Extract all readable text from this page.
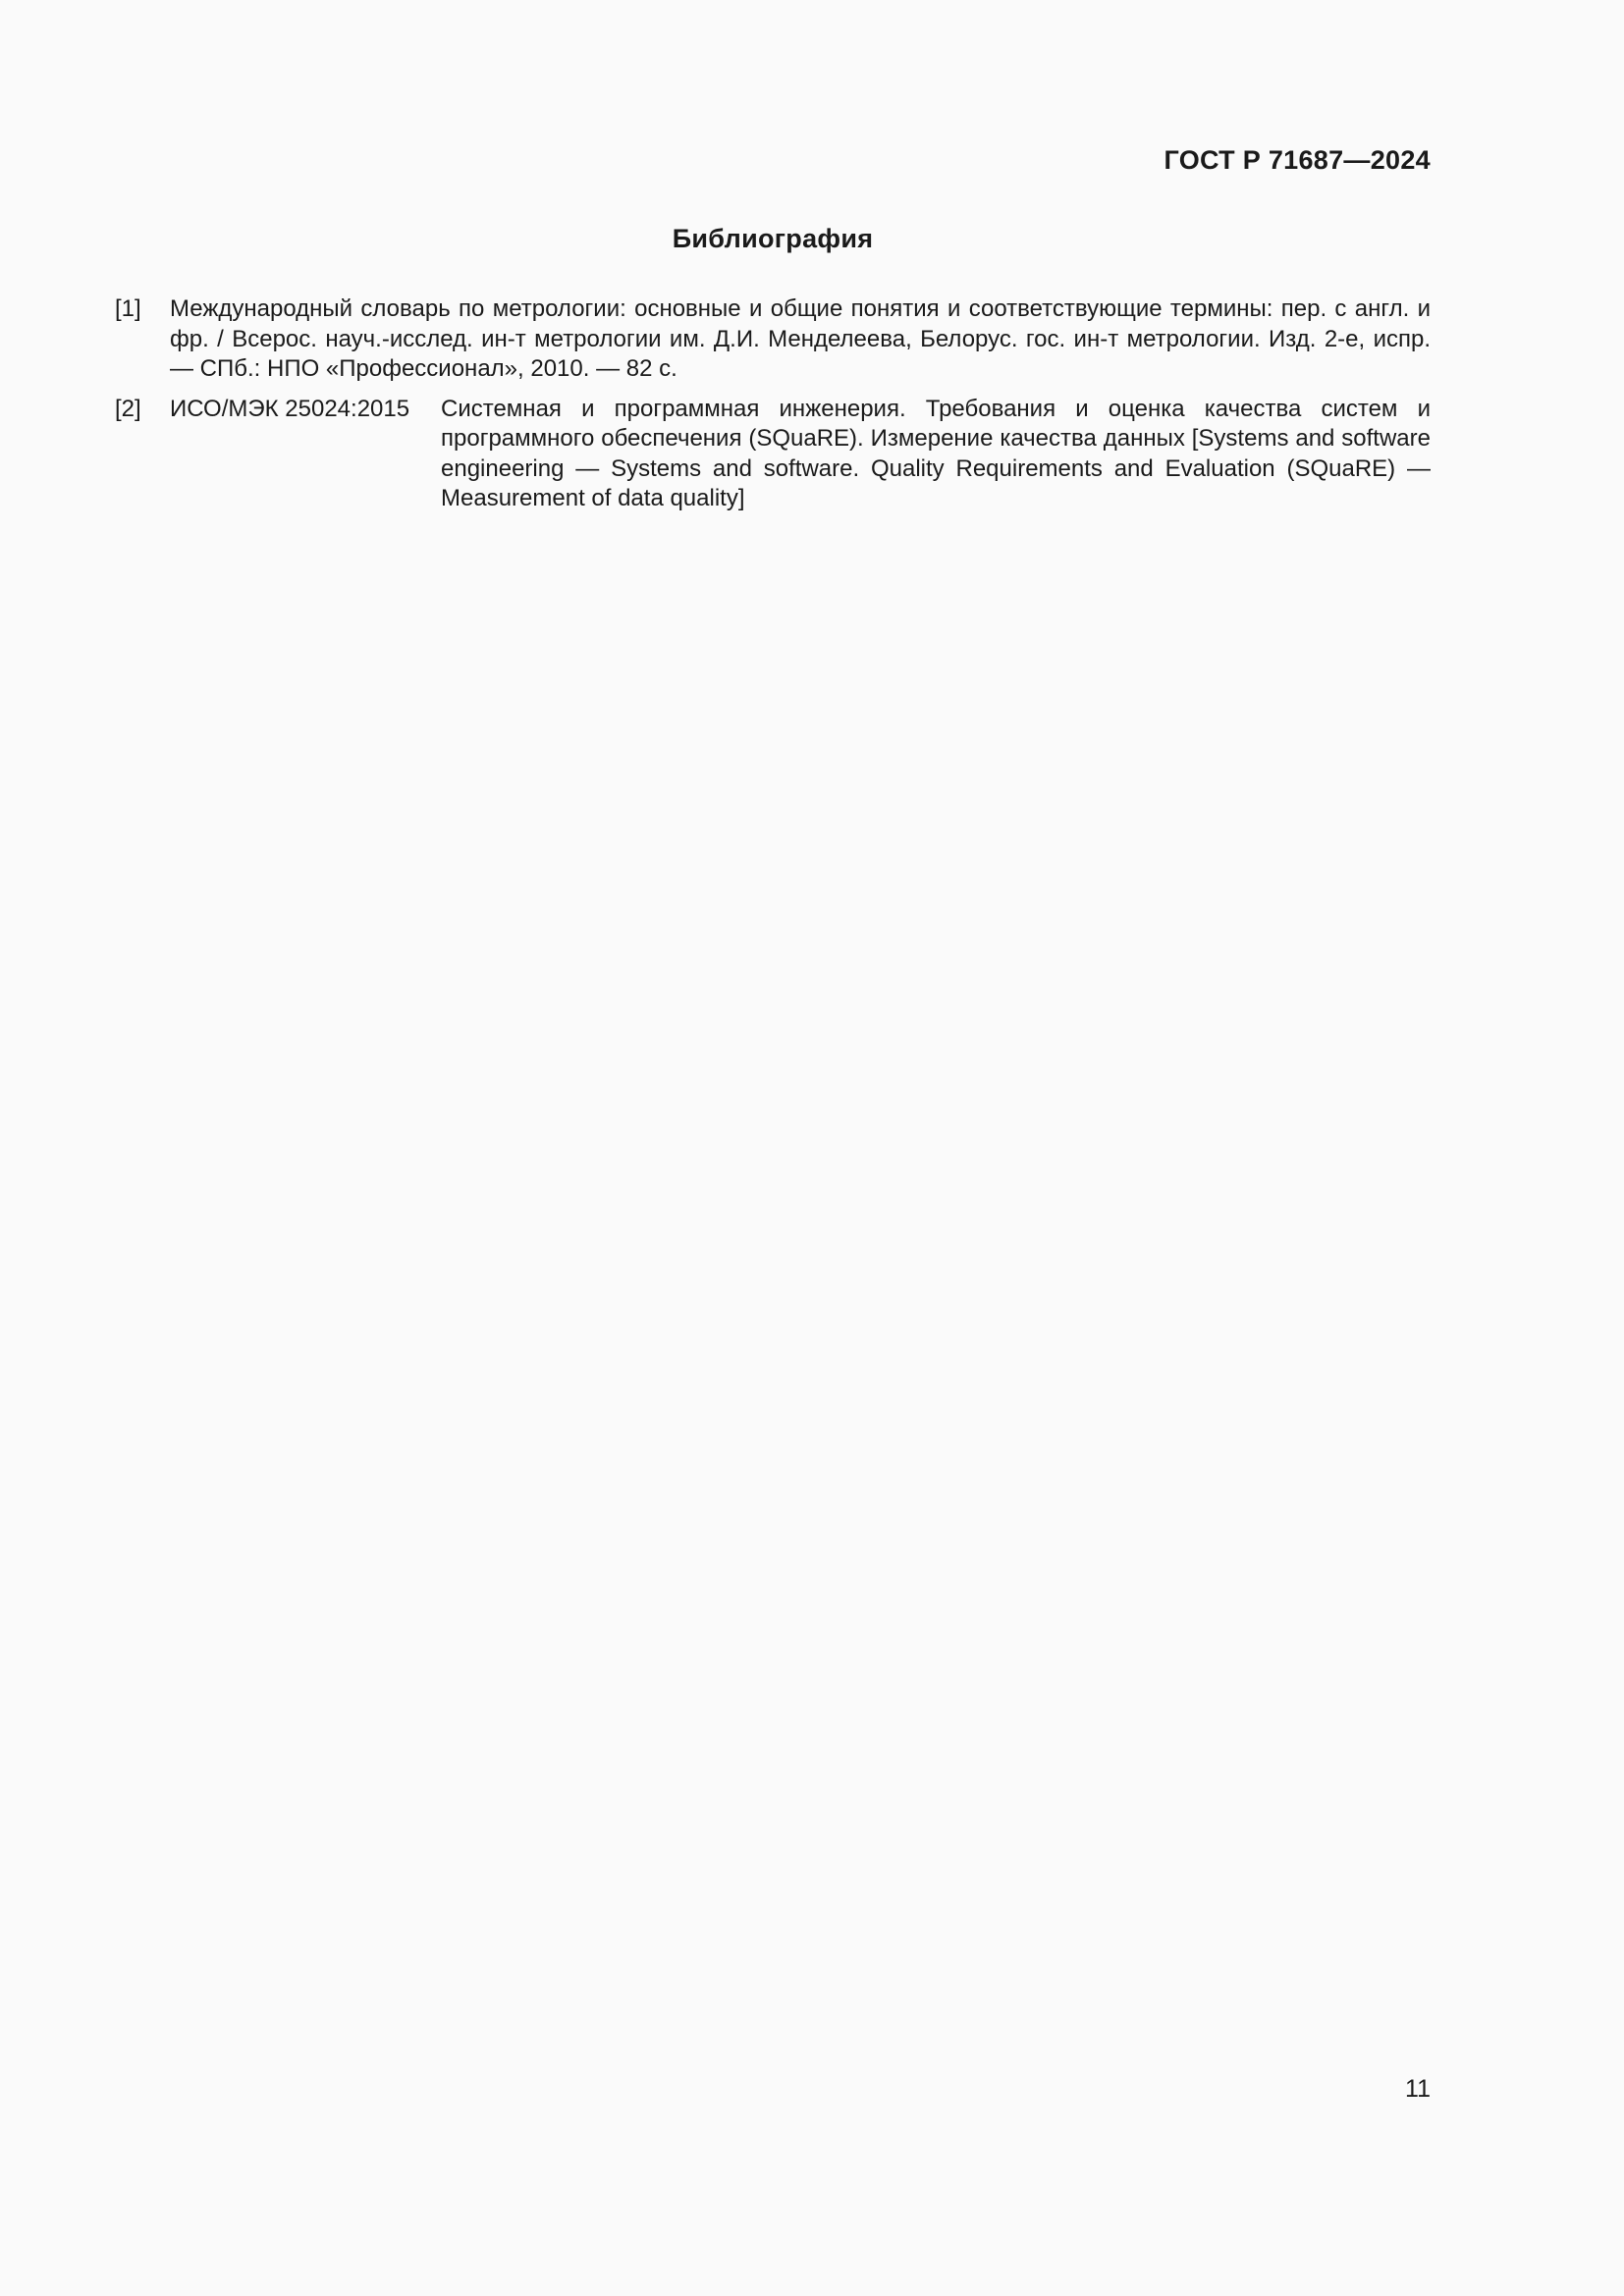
ГОСТ Р 71687—2024
Библиография
[1] Международный словарь по метрологии: основные и общие понятия и соответствующие термины: пер. с англ. и фр. / Всерос. науч.-исслед. ин-т метрологии им. Д.И. Менделеева, Белорус. гос. ин-т метрологии. Изд. 2-е, испр. — СПб.: НПО «Профессионал», 2010. — 82 с.
[2] ИСО/МЭК 25024:2015 Системная и программная инженерия. Требования и оценка качества систем и программного обеспечения (SQuaRE). Измерение качества данных [Systems and software engineering — Systems and software. Quality Requirements and Evaluation (SQuaRE) — Measurement of data quality]
11
